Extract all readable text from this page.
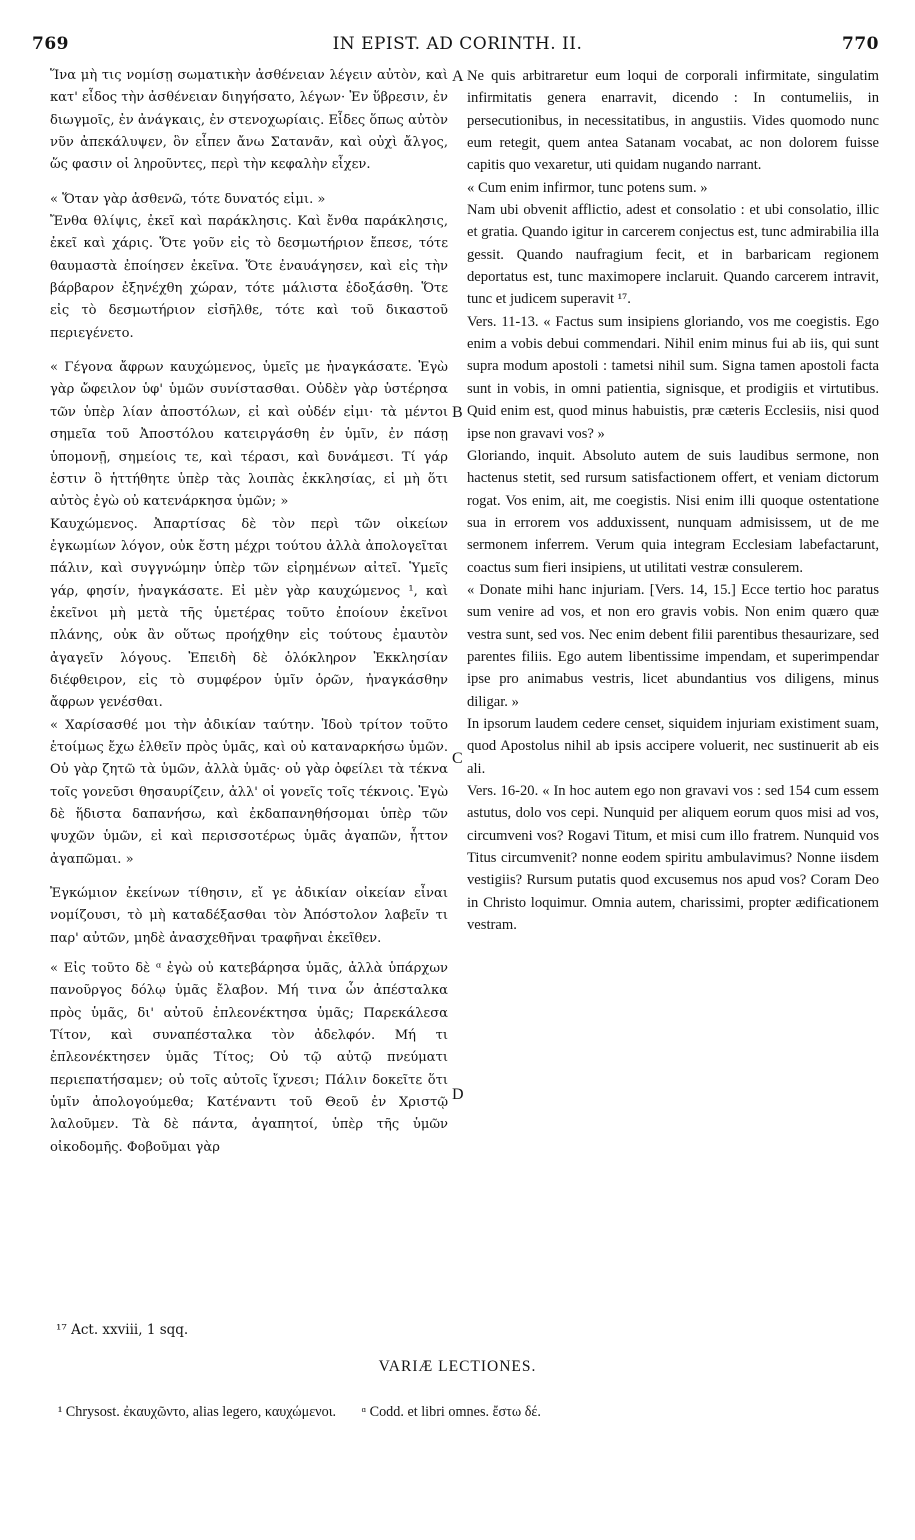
769	IN EPIST. AD CORINTH. II.	770

Ἵνα μὴ τις νομίσῃ σωματικὴν ἀσθένειαν λέγειν αὐτὸν, καὶ κατ' εἶδος τὴν ἀσθένειαν διηγήσατο, λέγων· Ἐν ὕβρεσιν, ἐν διωγμοῖς, ἐν ἀνάγκαις, ἐν στενοχωρίαις. Εἶδες ὅπως αὐτὸν νῦν ἀπεκάλυψεν, ὃν εἶπεν ἄνω Σατανᾶν, καὶ οὐχὶ ἄλγος, ὥς φασιν οἱ ληροῦντες, περὶ τὴν κεφαλὴν εἶχεν.

« Ὅταν γὰρ ἀσθενῶ, τότε δυνατός εἰμι. »

Ἔνθα θλίψις, ἐκεῖ καὶ παράκλησις. Καὶ ἔνθα παράκλησις, ἐκεῖ καὶ χάρις. Ὅτε γοῦν εἰς τὸ δεσμωτήριον ἔπεσε, τότε θαυμαστὰ ἐποίησεν ἐκεῖνα. Ὅτε ἐναυάγησεν, καὶ εἰς τὴν βάρβαρον ἐξηνέχθη χώραν, τότε μάλιστα ἐδοξάσθη. Ὅτε εἰς τὸ δεσμωτήριον εἰσῆλθε, τότε καὶ τοῦ δικαστοῦ περιεγένετο.

« Γέγονα ἄφρων καυχώμενος, ὑμεῖς με ἠναγκάσατε. Ἐγὼ γὰρ ὤφειλον ὑφ' ὑμῶν συνίστασθαι. Οὐδὲν γὰρ ὑστέρησα τῶν ὑπὲρ λίαν ἀποστόλων, εἰ καὶ οὐδέν εἰμι· τὰ μέντοι σημεῖα τοῦ Ἀποστόλου κατειργάσθη ἐν ὑμῖν, ἐν πάσῃ ὑπομονῇ, σημείοις τε, καὶ τέρασι, καὶ δυνάμεσι. Τί γάρ ἐστιν ὃ ἡττήθητε ὑπὲρ τὰς λοιπὰς ἐκκλησίας, εἰ μὴ ὅτι αὐτὸς ἐγὼ οὐ κατενάρκησα ὑμῶν; »

Καυχώμενος. Ἀπαρτίσας δὲ τὸν περὶ τῶν οἰκείων ἐγκωμίων λόγον, οὐκ ἔστη μέχρι τούτου ἀλλὰ ἀπολογεῖται πάλιν, καὶ συγγνώμην ὑπὲρ τῶν εἰρημένων αἰτεῖ. Ὑμεῖς γάρ, φησίν, ἠναγκάσατε. Εἰ μὲν γὰρ καυχώμενος ¹, καὶ ἐκεῖνοι μὴ μετὰ τῆς ὑμετέρας τοῦτο ἐποίουν ἐκεῖνοι πλάνης, οὐκ ἂν οὕτως προήχθην εἰς τούτους ἐμαυτὸν ἀγαγεῖν λόγους. Ἐπειδὴ δὲ ὁλόκληρον Ἐκκλησίαν διέφθειρον, εἰς τὸ συμφέρον ὑμῖν ὁρῶν, ἠναγκάσθην ἄφρων γενέσθαι.

« Χαρίσασθέ μοι τὴν ἀδικίαν ταύτην. Ἰδοὺ τρίτον τοῦτο ἑτοίμως ἔχω ἐλθεῖν πρὸς ὑμᾶς, καὶ οὐ καταναρκήσω ὑμῶν. Οὐ γὰρ ζητῶ τὰ ὑμῶν, ἀλλὰ ὑμᾶς· οὐ γὰρ ὀφείλει τὰ τέκνα τοῖς γονεῦσι θησαυρίζειν, ἀλλ' οἱ γονεῖς τοῖς τέκνοις. Ἐγὼ δὲ ἥδιστα δαπανήσω, καὶ ἐκδαπανηθήσομαι ὑπὲρ τῶν ψυχῶν ὑμῶν, εἰ καὶ περισσοτέρως ὑμᾶς ἀγαπῶν, ἧττον ἀγαπῶμαι. »

Ἐγκώμιον ἐκείνων τίθησιν, εἴ γε ἀδικίαν οἰκείαν εἶναι νομίζουσι, τὸ μὴ καταδέξασθαι τὸν Ἀπόστολον λαβεῖν τι παρ' αὐτῶν, μηδὲ ἀνασχεθῆναι τραφῆναι ἐκεῖθεν.

« Εἰς τοῦτο δὲ ᵅ ἐγὼ οὐ κατεβάρησα ὑμᾶς, ἀλλὰ ὑπάρχων πανοῦργος δόλῳ ὑμᾶς ἔλαβον. Μή τινα ὧν ἀπέσταλκα πρὸς ὑμᾶς, δι' αὐτοῦ ἐπλεονέκτησα ὑμᾶς; Παρεκάλεσα Τίτον, καὶ συναπέσταλκα τὸν ἀδελφόν. Μή τι ἐπλεονέκτησεν ὑμᾶς Τίτος; Οὐ τῷ αὐτῷ πνεύματι περιεπατήσαμεν; οὐ τοῖς αὐτοῖς ἴχνεσι; Πάλιν δοκεῖτε ὅτι ὑμῖν ἀπολογούμεθα; Κατέναντι τοῦ Θεοῦ ἐν Χριστῷ λαλοῦμεν. Τὰ δὲ πάντα, ἀγαπητοί, ὑπὲρ τῆς ὑμῶν οἰκοδομῆς. Φοβοῦμαι γὰρ

Ne quis arbitraretur eum loqui de corporali infirmitate, singulatim infirmitatis genera enarravit, dicendo : In contumeliis, in persecutionibus, in necessitatibus, in angustiis. Vides quomodo nunc eum retegit, quem antea Satanam vocabat, ac non dolorem fuisse capitis quo vexaretur, uti quidam nugando narrant.

« Cum enim infirmor, tunc potens sum. »

Nam ubi obvenit afflictio, adest et consolatio : et ubi consolatio, illic et gratia. Quando igitur in carcerem conjectus est, tunc admirabilia illa gessit. Quando naufragium fecit, et in barbaricam regionem deportatus est, tunc maximopere inclaruit. Quando carcerem intravit, tunc et judicem superavit ¹⁷.

Vers. 11-13. « Factus sum insipiens gloriando, vos me coegistis. Ego enim a vobis debui commendari. Nihil enim minus fui ab iis, qui sunt supra modum apostoli : tametsi nihil sum. Signa tamen apostoli facta sunt in vobis, in omni patientia, signisque, et prodigiis et virtutibus. Quid enim est, quod minus habuistis, præ cæteris Ecclesiis, nisi quod ipse non gravavi vos? »

Gloriando, inquit. Absoluto autem de suis laudibus sermone, non hactenus stetit, sed rursum satisfactionem offert, et veniam dictorum rogat. Vos enim, ait, me coegistis. Nisi enim illi quoque ostentatione sua in errorem vos adduxissent, nunquam admisissem, ut de me sermonem inferrem. Verum quia integram Ecclesiam labefactarunt, coactus sum fieri insipiens, ut utilitati vestræ consulerem.

« Donate mihi hanc injuriam. [Vers. 14, 15.] Ecce tertio hoc paratus sum venire ad vos, et non ero gravis vobis. Non enim quæro quæ vestra sunt, sed vos. Nec enim debent filii parentibus thesaurizare, sed parentes filiis. Ego autem libentissime impendam, et superimpendar ipse pro animabus vestris, licet abundantius vos diligens, minus diligar. »

In ipsorum laudem cedere censet, siquidem injuriam existiment suam, quod Apostolus nihil ab ipsis accipere voluerit, nec sustinuerit ab eis ali.

Vers. 16-20. « In hoc autem ego non gravavi vos : sed 154 cum essem astutus, dolo vos cepi. Nunquid per aliquem eorum quos misi ad vos, circumveni vos? Rogavi Titum, et misi cum illo fratrem. Nunquid vos Titus circumvenit? nonne eodem spiritu ambulavimus? Nonne iisdem vestigiis? Rursum putatis quod excusemus nos apud vos? Coram Deo in Christo loquimur. Omnia autem, charissimi, propter ædificationem vestram.

A
B
C
D
¹⁷ Act. xxviii, 1 sqq.
VARIÆ LECTIONES.
¹ Chrysost. ἐκαυχῶντο, alias legero, καυχώμενοι. ᵅ Codd. et libri omnes. ἔστω δέ.
